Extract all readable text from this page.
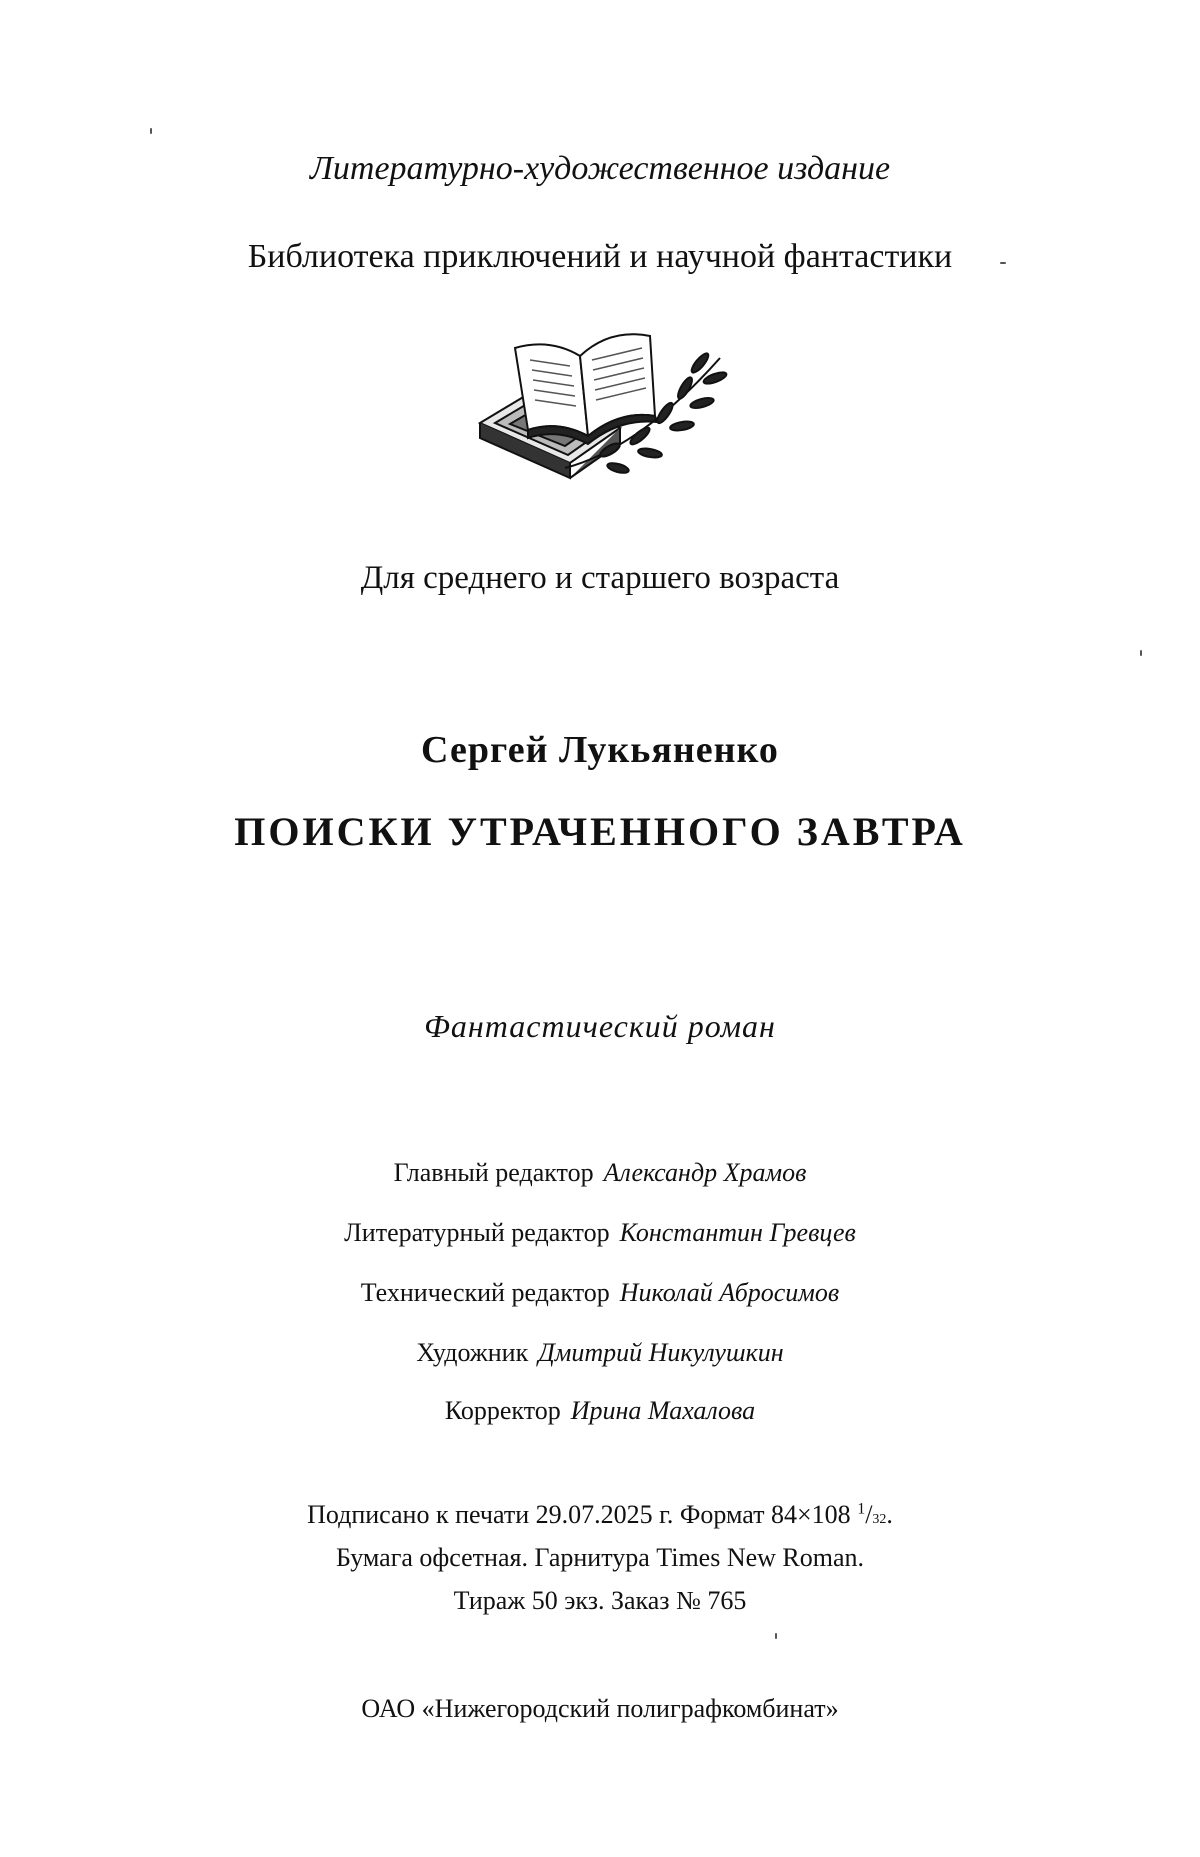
Литературно-художественное издание
Библиотека приключений и научной фантастики
Для среднего и старшего возраста
Сергей Лукьяненко
ПОИСКИ УТРАЧЕННОГО ЗАВТРА
Фантастический роман
Главный редактор Александр Храмов
Литературный редактор Константин Гревцев
Технический редактор Николай Абросимов
Художник Дмитрий Никулушкин
Корректор Ирина Махалова
Подписано к печати 29.07.2025 г. Формат 84×108 $^1$/32.
Бумага офсетная. Гарнитура Times New Roman.
Тираж 50 экз. Заказ № 765
ОАО «Нижегородский полиграфкомбинат»
